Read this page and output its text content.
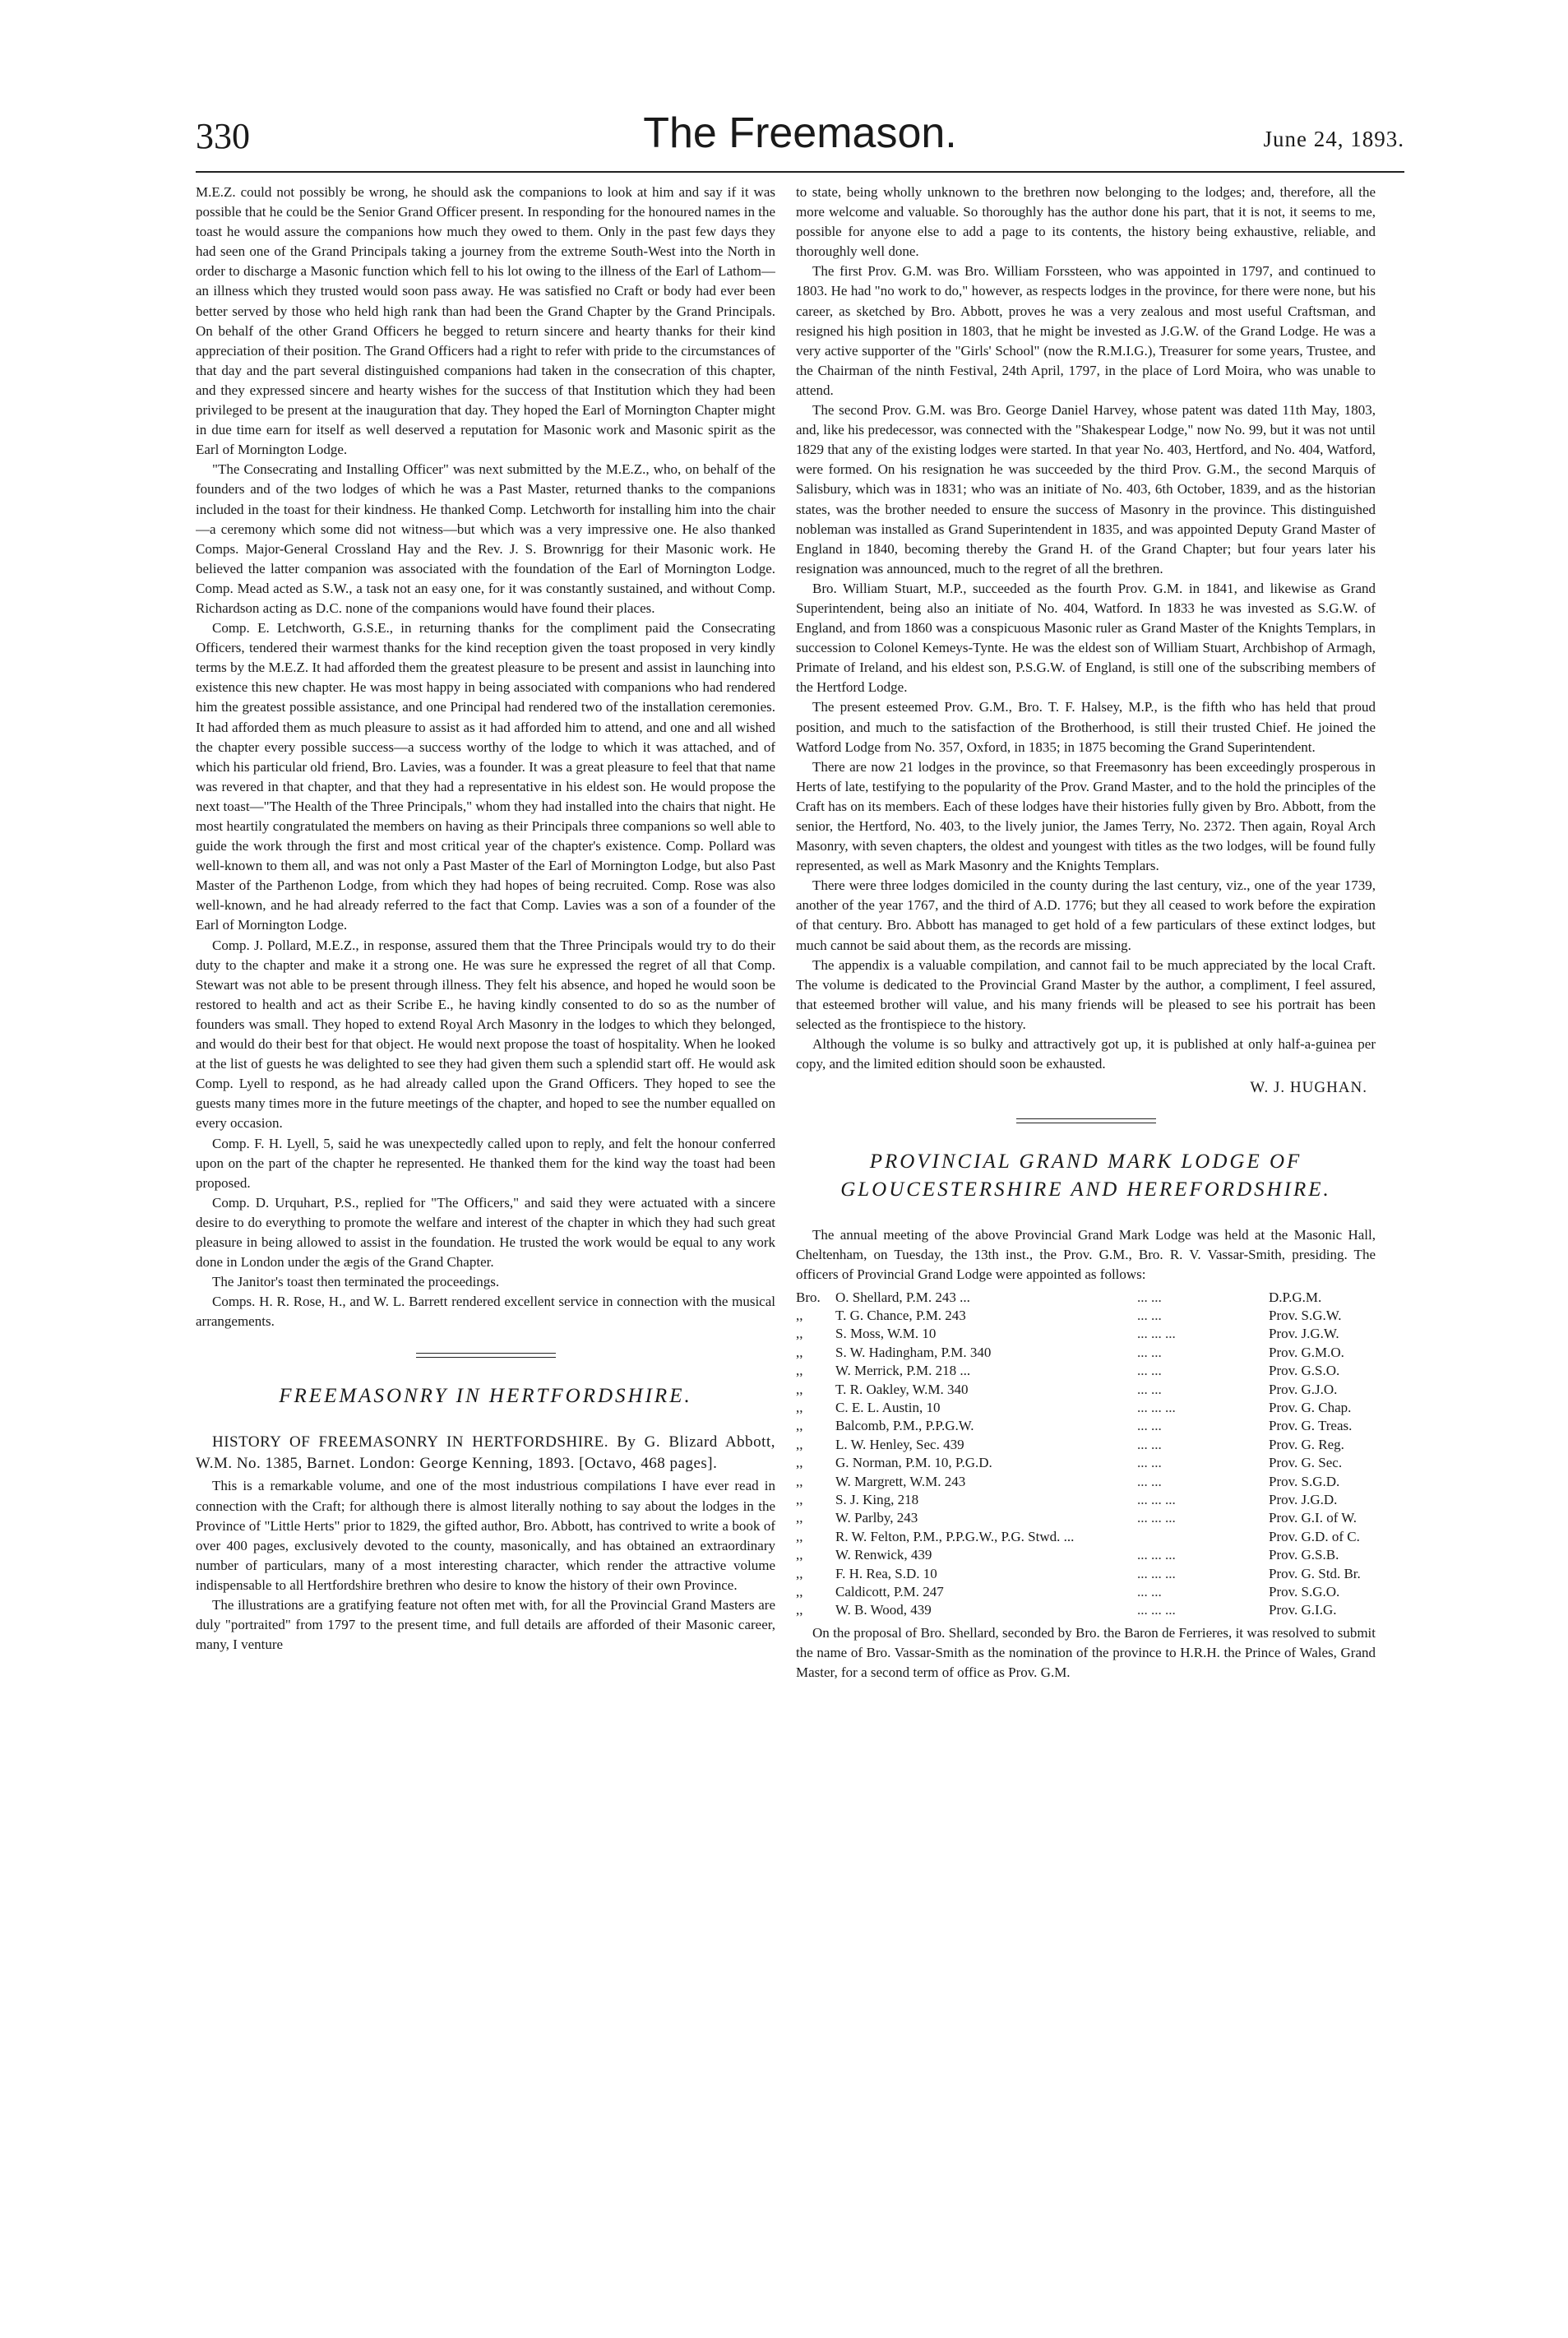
330	The Freemason.	June 24, 1893.

M.E.Z. could not possibly be wrong, he should ask the companions to look at him and say if it was possible that he could be the Senior Grand Officer present. In responding for the honoured names in the toast he would assure the companions how much they owed to them. Only in the past few days they had seen one of the Grand Principals taking a journey from the extreme South-West into the North in order to discharge a Masonic function which fell to his lot owing to the illness of the Earl of Lathom—an illness which they trusted would soon pass away. He was satisfied no Craft or body had ever been better served by those who held high rank than had been the Grand Chapter by the Grand Principals. On behalf of the other Grand Officers he begged to return sincere and hearty thanks for their kind appreciation of their position. The Grand Officers had a right to refer with pride to the circumstances of that day and the part several distinguished companions had taken in the consecration of this chapter, and they expressed sincere and hearty wishes for the success of that Institution which they had been privileged to be present at the inauguration that day. They hoped the Earl of Mornington Chapter might in due time earn for itself as well deserved a reputation for Masonic work and Masonic spirit as the Earl of Mornington Lodge.

"The Consecrating and Installing Officer" was next submitted by the M.E.Z., who, on behalf of the founders and of the two lodges of which he was a Past Master, returned thanks to the companions included in the toast for their kindness. He thanked Comp. Letchworth for installing him into the chair—a ceremony which some did not witness—but which was a very impressive one. He also thanked Comps. Major-General Crossland Hay and the Rev. J. S. Brownrigg for their Masonic work. He believed the latter companion was associated with the foundation of the Earl of Mornington Lodge. Comp. Mead acted as S.W., a task not an easy one, for it was constantly sustained, and without Comp. Richardson acting as D.C. none of the companions would have found their places.

Comp. E. Letchworth, G.S.E., in returning thanks for the compliment paid the Consecrating Officers, tendered their warmest thanks for the kind reception given the toast proposed in very kindly terms by the M.E.Z. It had afforded them the greatest pleasure to be present and assist in launching into existence this new chapter. He was most happy in being associated with companions who had rendered him the greatest possible assistance, and one Principal had rendered two of the installation ceremonies. It had afforded them as much pleasure to assist as it had afforded him to attend, and one and all wished the chapter every possible success—a success worthy of the lodge to which it was attached, and of which his particular old friend, Bro. Lavies, was a founder. It was a great pleasure to feel that that name was revered in that chapter, and that they had a representative in his eldest son. He would propose the next toast—"The Health of the Three Principals," whom they had installed into the chairs that night. He most heartily congratulated the members on having as their Principals three companions so well able to guide the work through the first and most critical year of the chapter's existence. Comp. Pollard was well-known to them all, and was not only a Past Master of the Earl of Mornington Lodge, but also Past Master of the Parthenon Lodge, from which they had hopes of being recruited. Comp. Rose was also well-known, and he had already referred to the fact that Comp. Lavies was a son of a founder of the Earl of Mornington Lodge.

Comp. J. Pollard, M.E.Z., in response, assured them that the Three Principals would try to do their duty to the chapter and make it a strong one. He was sure he expressed the regret of all that Comp. Stewart was not able to be present through illness. They felt his absence, and hoped he would soon be restored to health and act as their Scribe E., he having kindly consented to do so as the number of founders was small. They hoped to extend Royal Arch Masonry in the lodges to which they belonged, and would do their best for that object. He would next propose the toast of hospitality. When he looked at the list of guests he was delighted to see they had given them such a splendid start off. He would ask Comp. Lyell to respond, as he had already called upon the Grand Officers. They hoped to see the guests many times more in the future meetings of the chapter, and hoped to see the number equalled on every occasion.

Comp. F. H. Lyell, 5, said he was unexpectedly called upon to reply, and felt the honour conferred upon on the part of the chapter he represented. He thanked them for the kind way the toast had been proposed.

Comp. D. Urquhart, P.S., replied for "The Officers," and said they were actuated with a sincere desire to do everything to promote the welfare and interest of the chapter in which they had such great pleasure in being allowed to assist in the foundation. He trusted the work would be equal to any work done in London under the ægis of the Grand Chapter.

The Janitor's toast then terminated the proceedings.

Comps. H. R. Rose, H., and W. L. Barrett rendered excellent service in connection with the musical arrangements.

FREEMASONRY IN HERTFORDSHIRE.

HISTORY OF FREEMASONRY IN HERTFORDSHIRE. By G. Blizard Abbott, W.M. No. 1385, Barnet. London: George Kenning, 1893. [Octavo, 468 pages].

This is a remarkable volume, and one of the most industrious compilations I have ever read in connection with the Craft; for although there is almost literally nothing to say about the lodges in the Province of "Little Herts" prior to 1829, the gifted author, Bro. Abbott, has contrived to write a book of over 400 pages, exclusively devoted to the county, masonically, and has obtained an extraordinary number of particulars, many of a most interesting character, which render the attractive volume indispensable to all Hertfordshire brethren who desire to know the history of their own Province.

The illustrations are a gratifying feature not often met with, for all the Provincial Grand Masters are duly "portraited" from 1797 to the present time, and full details are afforded of their Masonic career, many, I venture

to state, being wholly unknown to the brethren now belonging to the lodges; and, therefore, all the more welcome and valuable. So thoroughly has the author done his part, that it is not, it seems to me, possible for anyone else to add a page to its contents, the history being exhaustive, reliable, and thoroughly well done.

The first Prov. G.M. was Bro. William Forssteen, who was appointed in 1797, and continued to 1803. He had "no work to do," however, as respects lodges in the province, for there were none, but his career, as sketched by Bro. Abbott, proves he was a very zealous and most useful Craftsman, and resigned his high position in 1803, that he might be invested as J.G.W. of the Grand Lodge. He was a very active supporter of the "Girls' School" (now the R.M.I.G.), Treasurer for some years, Trustee, and the Chairman of the ninth Festival, 24th April, 1797, in the place of Lord Moira, who was unable to attend.

The second Prov. G.M. was Bro. George Daniel Harvey, whose patent was dated 11th May, 1803, and, like his predecessor, was connected with the "Shakespear Lodge," now No. 99, but it was not until 1829 that any of the existing lodges were started. In that year No. 403, Hertford, and No. 404, Watford, were formed. On his resignation he was succeeded by the third Prov. G.M., the second Marquis of Salisbury, which was in 1831; who was an initiate of No. 403, 6th October, 1839, and as the historian states, was the brother needed to ensure the success of Masonry in the province. This distinguished nobleman was installed as Grand Superintendent in 1835, and was appointed Deputy Grand Master of England in 1840, becoming thereby the Grand H. of the Grand Chapter; but four years later his resignation was announced, much to the regret of all the brethren.

Bro. William Stuart, M.P., succeeded as the fourth Prov. G.M. in 1841, and likewise as Grand Superintendent, being also an initiate of No. 404, Watford. In 1833 he was invested as S.G.W. of England, and from 1860 was a conspicuous Masonic ruler as Grand Master of the Knights Templars, in succession to Colonel Kemeys-Tynte. He was the eldest son of William Stuart, Archbishop of Armagh, Primate of Ireland, and his eldest son, P.S.G.W. of England, is still one of the subscribing members of the Hertford Lodge.

The present esteemed Prov. G.M., Bro. T. F. Halsey, M.P., is the fifth who has held that proud position, and much to the satisfaction of the Brotherhood, is still their trusted Chief. He joined the Watford Lodge from No. 357, Oxford, in 1835; in 1875 becoming the Grand Superintendent.

There are now 21 lodges in the province, so that Freemasonry has been exceedingly prosperous in Herts of late, testifying to the popularity of the Prov. Grand Master, and to the hold the principles of the Craft has on its members. Each of these lodges have their histories fully given by Bro. Abbott, from the senior, the Hertford, No. 403, to the lively junior, the James Terry, No. 2372. Then again, Royal Arch Masonry, with seven chapters, the oldest and youngest with titles as the two lodges, will be found fully represented, as well as Mark Masonry and the Knights Templars.

There were three lodges domiciled in the county during the last century, viz., one of the year 1739, another of the year 1767, and the third of A.D. 1776; but they all ceased to work before the expiration of that century. Bro. Abbott has managed to get hold of a few particulars of these extinct lodges, but much cannot be said about them, as the records are missing.

The appendix is a valuable compilation, and cannot fail to be much appreciated by the local Craft. The volume is dedicated to the Provincial Grand Master by the author, a compliment, I feel assured, that esteemed brother will value, and his many friends will be pleased to see his portrait has been selected as the frontispiece to the history.

Although the volume is so bulky and attractively got up, it is published at only half-a-guinea per copy, and the limited edition should soon be exhausted.

W. J. HUGHAN.

PROVINCIAL GRAND MARK LODGE OF GLOUCESTERSHIRE AND HEREFORDSHIRE.

The annual meeting of the above Provincial Grand Mark Lodge was held at the Masonic Hall, Cheltenham, on Tuesday, the 13th inst., the Prov. G.M., Bro. R. V. Vassar-Smith, presiding. The officers of Provincial Grand Lodge were appointed as follows:

Bro.	O. Shellard, P.M. 243 ...	... ...	D.P.G.M.
,,	T. G. Chance, P.M. 243	... ...	Prov. S.G.W.
,,	S. Moss, W.M. 10	... ... ...	Prov. J.G.W.
,,	S. W. Hadingham, P.M. 340	... ...	Prov. G.M.O.
,,	W. Merrick, P.M. 218 ...	... ...	Prov. G.S.O.
,,	T. R. Oakley, W.M. 340	... ...	Prov. G.J.O.
,,	C. E. L. Austin, 10	... ... ...	Prov. G. Chap.
,,	Balcomb, P.M., P.P.G.W.	... ...	Prov. G. Treas.
,,	L. W. Henley, Sec. 439	... ...	Prov. G. Reg.
,,	G. Norman, P.M. 10, P.G.D.	... ...	Prov. G. Sec.
,,	W. Margrett, W.M. 243	... ...	Prov. S.G.D.
,,	S. J. King, 218	... ... ...	Prov. J.G.D.
,,	W. Parlby, 243	... ... ...	Prov. G.I. of W.
,,	R. W. Felton, P.M., P.P.G.W., P.G. Stwd. ...		Prov. G.D. of C.
,,	W. Renwick, 439	... ... ...	Prov. G.S.B.
,,	F. H. Rea, S.D. 10	... ... ...	Prov. G. Std. Br.
,,	Caldicott, P.M. 247	... ...	Prov. S.G.O.
,,	W. B. Wood, 439	... ... ...	Prov. G.I.G.

On the proposal of Bro. Shellard, seconded by Bro. the Baron de Ferrieres, it was resolved to submit the name of Bro. Vassar-Smith as the nomination of the province to H.R.H. the Prince of Wales, Grand Master, for a second term of office as Prov. G.M.
